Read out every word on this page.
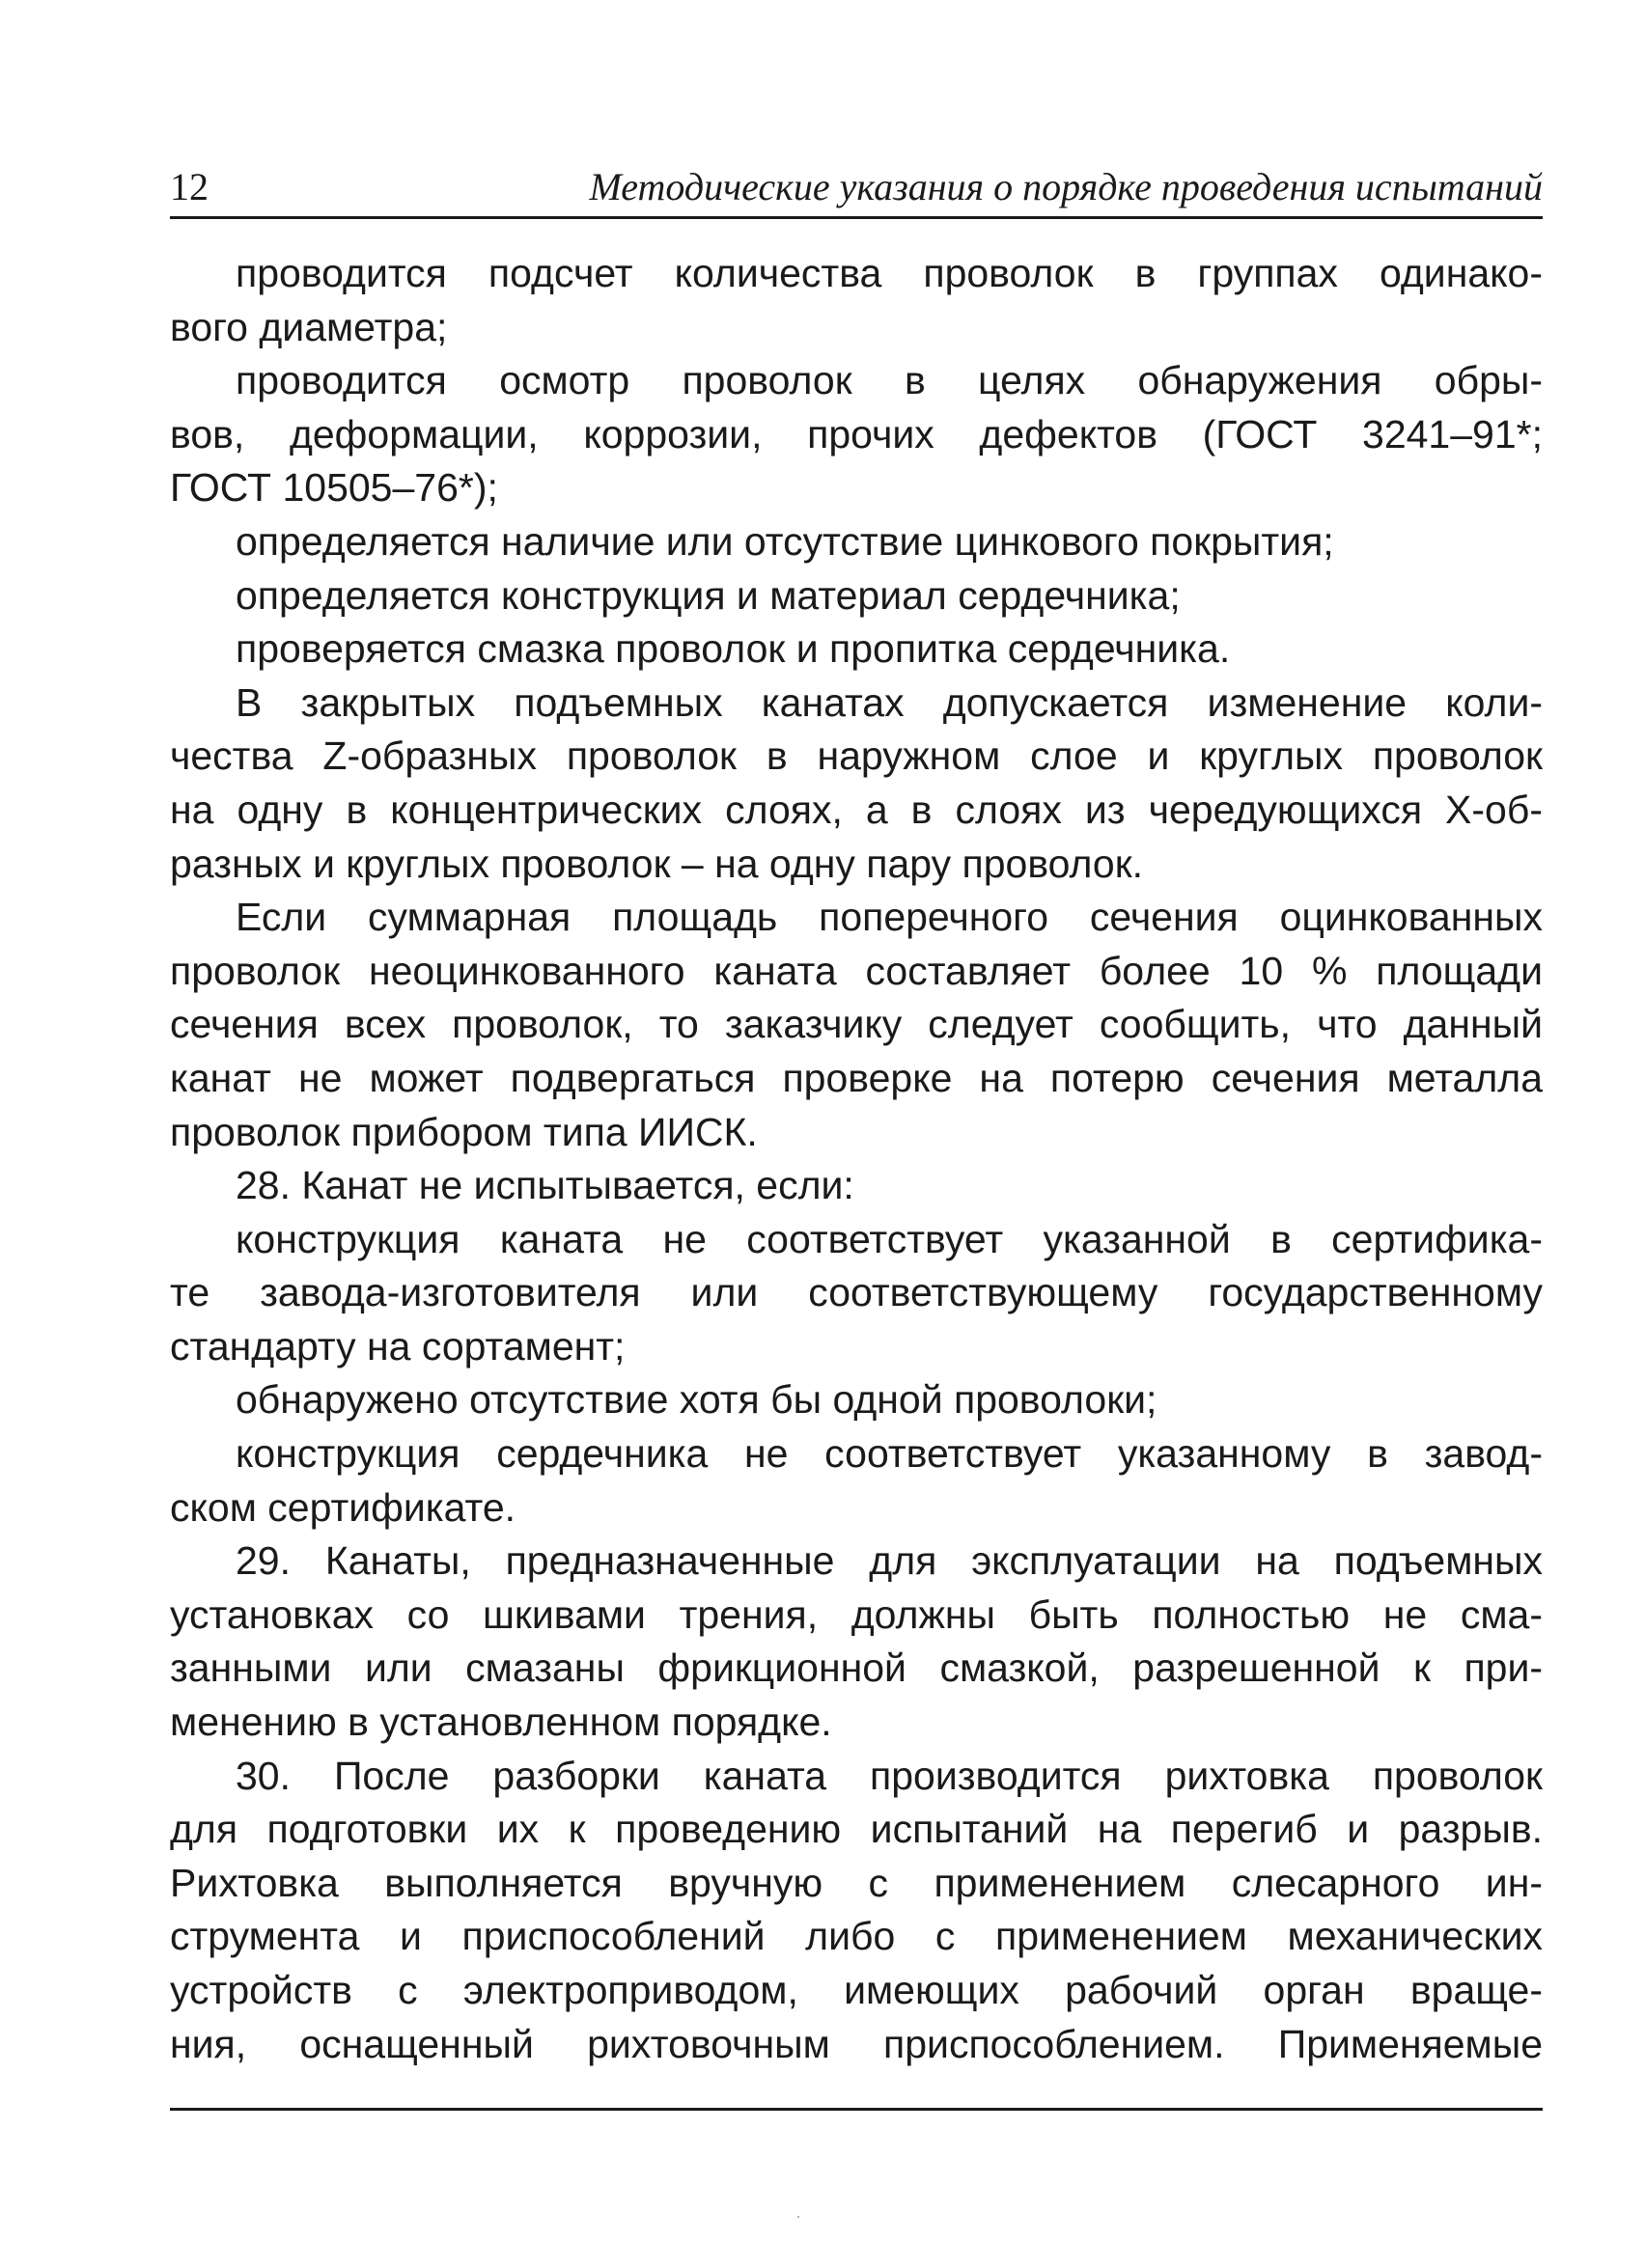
12	Методические указания о порядке проведения испытаний
проводится подсчет количества проволок в группах одинако-
вого диаметра;
проводится осмотр проволок в целях обнаружения обры-
вов, деформации, коррозии, прочих дефектов (ГОСТ 3241–91*;
ГОСТ 10505–76*);
определяется наличие или отсутствие цинкового покрытия;
определяется конструкция и материал сердечника;
проверяется смазка проволок и пропитка сердечника.
В закрытых подъемных канатах допускается изменение коли-
чества Z-образных проволок в наружном слое и круглых проволок
на одну в концентрических слоях, а в слоях из чередующихся X-об-
разных и круглых проволок – на одну пару проволок.
Если суммарная площадь поперечного сечения оцинкованных
проволок неоцинкованного каната составляет более 10 % площади
сечения всех проволок, то заказчику следует сообщить, что данный
канат не может подвергаться проверке на потерю сечения металла
проволок прибором типа ИИСК.
28. Канат не испытывается, если:
конструкция каната не соответствует указанной в сертифика-
те завода-изготовителя или соответствующему государственному
стандарту на сортамент;
обнаружено отсутствие хотя бы одной проволоки;
конструкция сердечника не соответствует указанному в завод-
ском сертификате.
29. Канаты, предназначенные для эксплуатации на подъемных
установках со шкивами трения, должны быть полностью не сма-
занными или смазаны фрикционной смазкой, разрешенной к при-
менению в установленном порядке.
30. После разборки каната производится рихтовка проволок
для подготовки их к проведению испытаний на перегиб и разрыв.
Рихтовка выполняется вручную с применением слесарного ин-
струмента и приспособлений либо с применением механических
устройств с электроприводом, имеющих рабочий орган враще-
ния, оснащенный рихтовочным приспособлением. Применяемые
